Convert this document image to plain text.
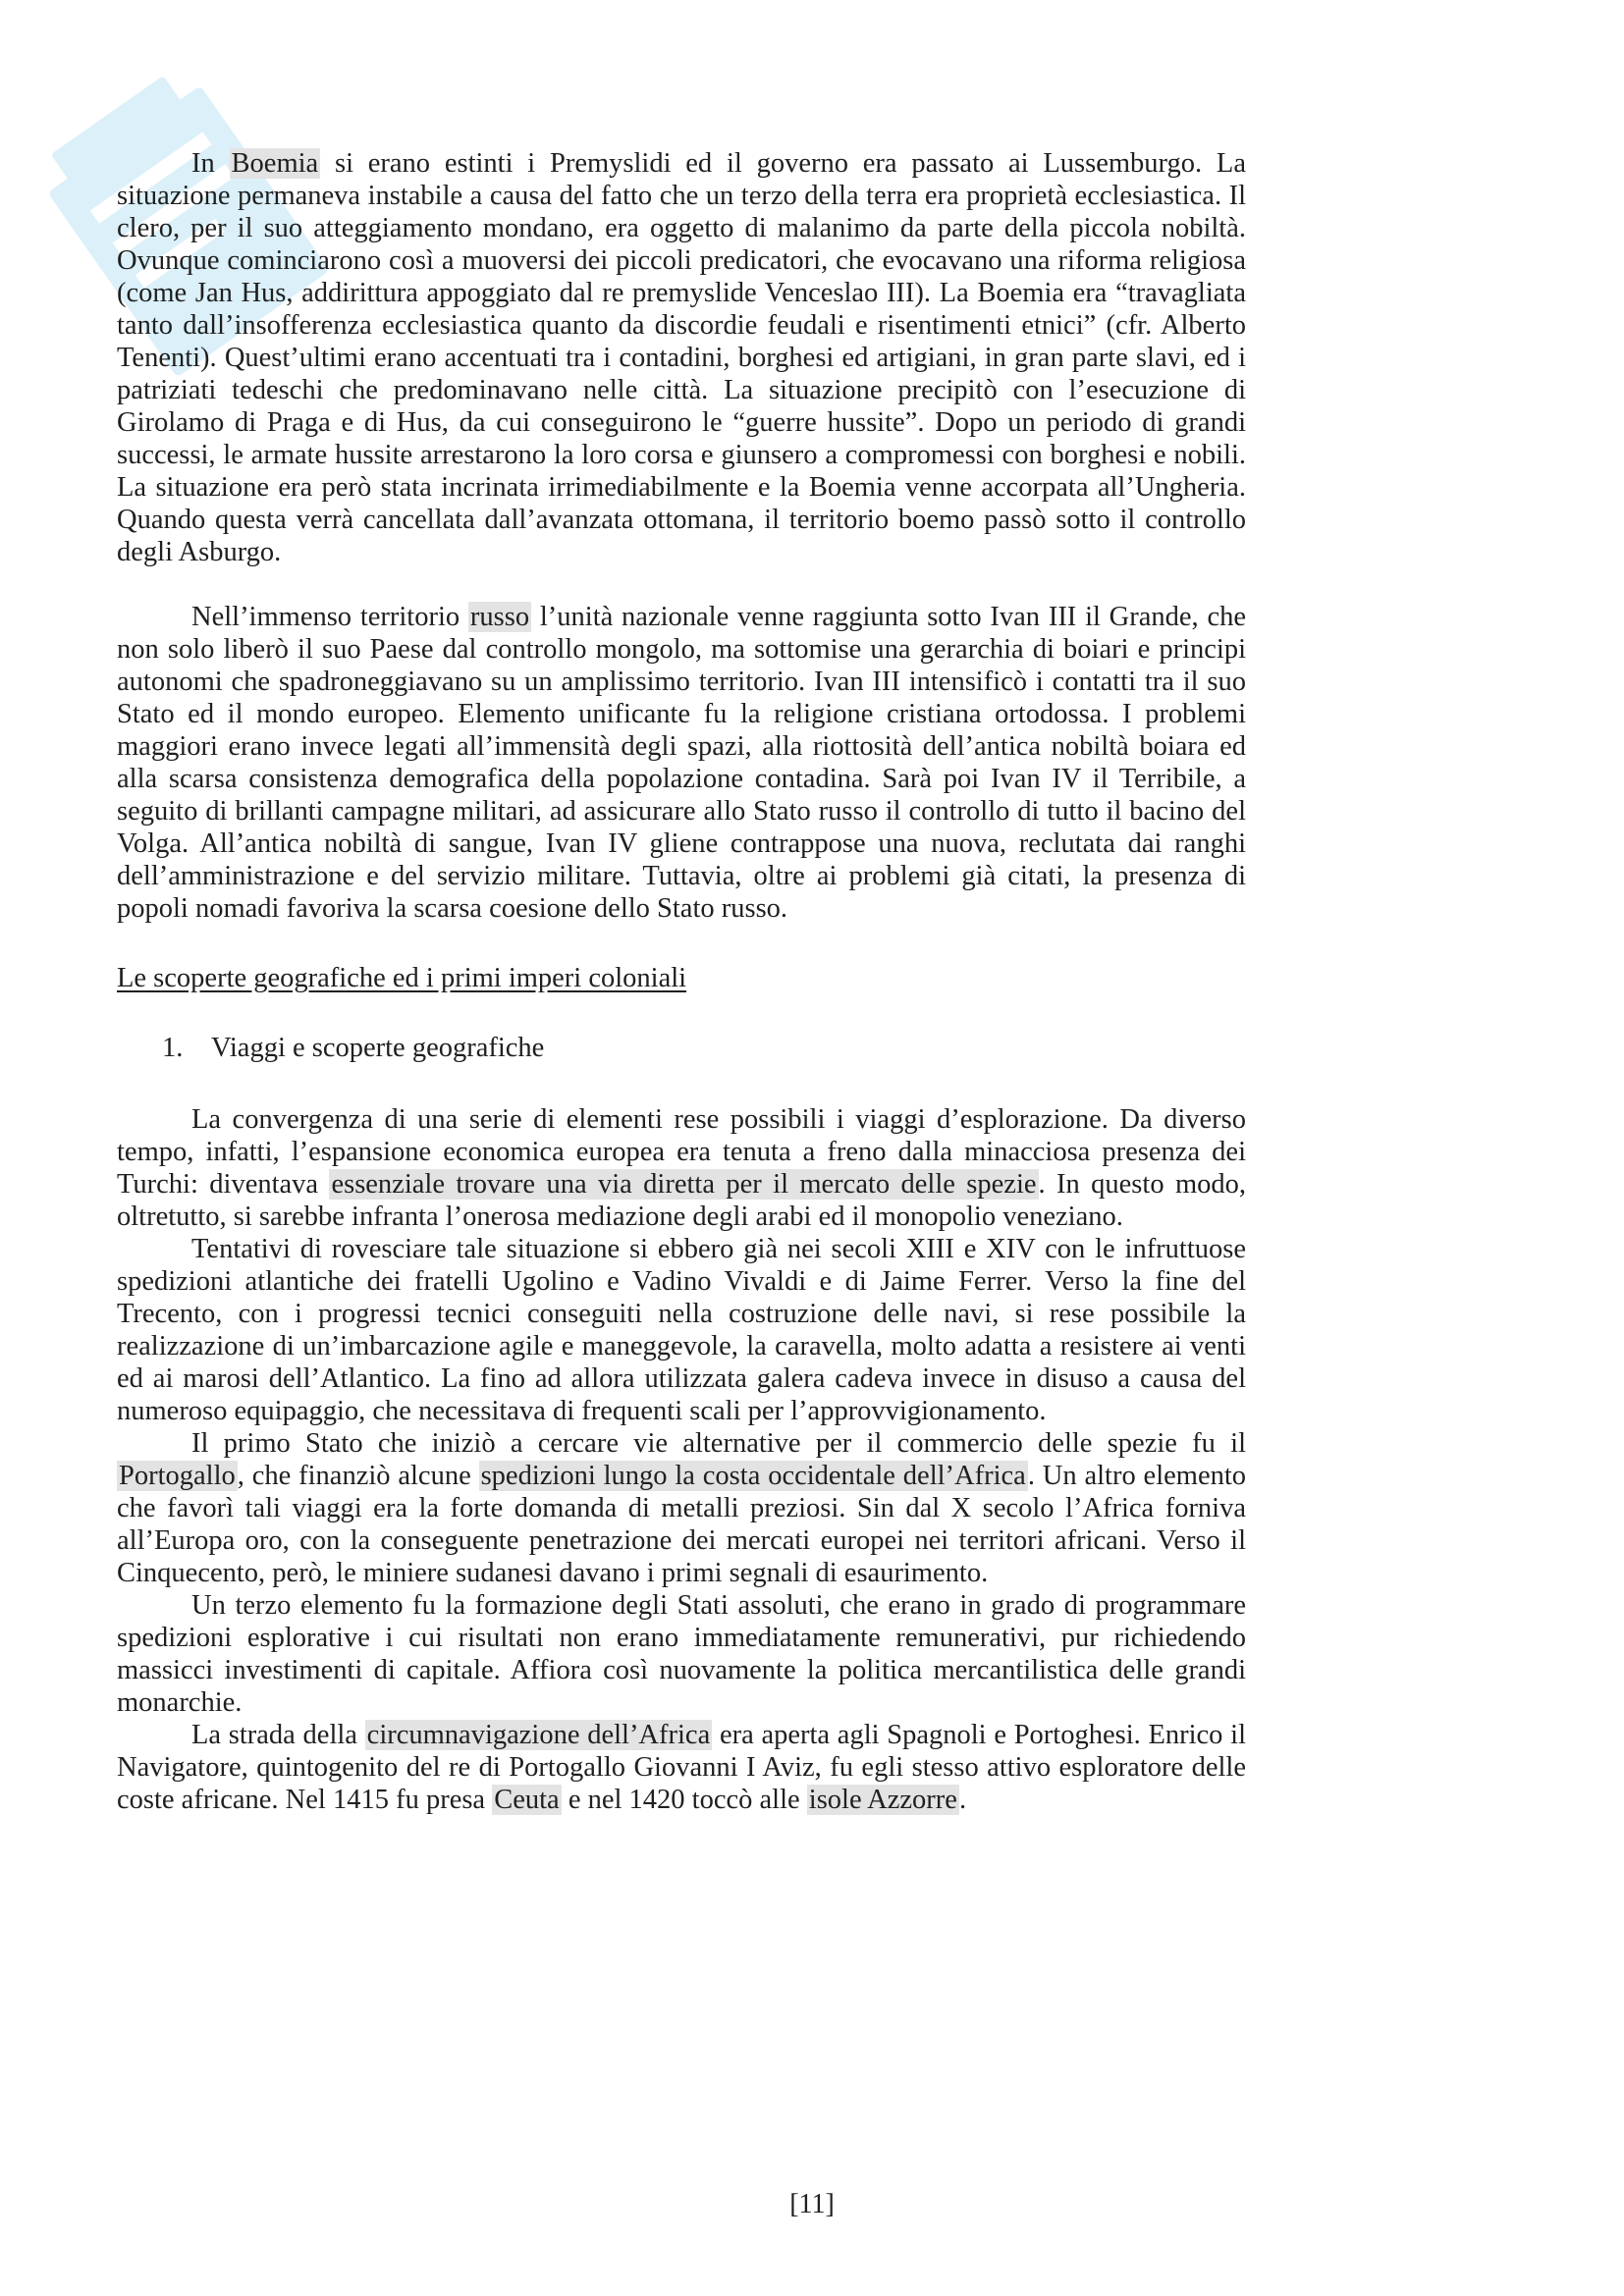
In Boemia si erano estinti i Premyslidi ed il governo era passato ai Lussemburgo. La situazione permaneva instabile a causa del fatto che un terzo della terra era proprietà ecclesiastica. Il clero, per il suo atteggiamento mondano, era oggetto di malanimo da parte della piccola nobiltà. Ovunque cominciarono così a muoversi dei piccoli predicatori, che evocavano una riforma religiosa (come Jan Hus, addirittura appoggiato dal re premyslide Venceslao III). La Boemia era “travagliata tanto dall’insofferenza ecclesiastica quanto da discordie feudali e risentimenti etnici” (cfr. Alberto Tenenti). Quest’ultimi erano accentuati tra i contadini, borghesi ed artigiani, in gran parte slavi, ed i patriziati tedeschi che predominavano nelle città. La situazione precipitò con l’esecuzione di Girolamo di Praga e di Hus, da cui conseguirono le “guerre hussite”. Dopo un periodo di grandi successi, le armate hussite arrestarono la loro corsa e giunsero a compromessi con borghesi e nobili. La situazione era però stata incrinata irrimediabilmente e la Boemia venne accorpata all’Ungheria. Quando questa verrà cancellata dall’avanzata ottomana, il territorio boemo passò sotto il controllo degli Asburgo.

Nell’immenso territorio russo l’unità nazionale venne raggiunta sotto Ivan III il Grande, che non solo liberò il suo Paese dal controllo mongolo, ma sottomise una gerarchia di boiari e principi autonomi che spadroneggiavano su un amplissimo territorio. Ivan III intensificò i contatti tra il suo Stato ed il mondo europeo. Elemento unificante fu la religione cristiana ortodossa. I problemi maggiori erano invece legati all’immensità degli spazi, alla riottosità dell’antica nobiltà boiara ed alla scarsa consistenza demografica della popolazione contadina. Sarà poi Ivan IV il Terribile, a seguito di brillanti campagne militari, ad assicurare allo Stato russo il controllo di tutto il bacino del Volga. All’antica nobiltà di sangue, Ivan IV gliene contrappose una nuova, reclutata dai ranghi dell’amministrazione e del servizio militare. Tuttavia, oltre ai problemi già citati, la presenza di popoli nomadi favoriva la scarsa coesione dello Stato russo.

Le scoperte geografiche ed i primi imperi coloniali
1. Viaggi e scoperte geografiche

La convergenza di una serie di elementi rese possibili i viaggi d’esplorazione. Da diverso tempo, infatti, l’espansione economica europea era tenuta a freno dalla minacciosa presenza dei Turchi: diventava essenziale trovare una via diretta per il mercato delle spezie. In questo modo, oltretutto, si sarebbe infranta l’onerosa mediazione degli arabi ed il monopolio veneziano.

Tentativi di rovesciare tale situazione si ebbero già nei secoli XIII e XIV con le infruttuose spedizioni atlantiche dei fratelli Ugolino e Vadino Vivaldi e di Jaime Ferrer. Verso la fine del Trecento, con i progressi tecnici conseguiti nella costruzione delle navi, si rese possibile la realizzazione di un’imbarcazione agile e maneggevole, la caravella, molto adatta a resistere ai venti ed ai marosi dell’Atlantico. La fino ad allora utilizzata galera cadeva invece in disuso a causa del numeroso equipaggio, che necessitava di frequenti scali per l’approvvigionamento.

Il primo Stato che iniziò a cercare vie alternative per il commercio delle spezie fu il Portogallo, che finanziò alcune spedizioni lungo la costa occidentale dell’Africa. Un altro elemento che favorì tali viaggi era la forte domanda di metalli preziosi. Sin dal X secolo l’Africa forniva all’Europa oro, con la conseguente penetrazione dei mercati europei nei territori africani. Verso il Cinquecento, però, le miniere sudanesi davano i primi segnali di esaurimento.

Un terzo elemento fu la formazione degli Stati assoluti, che erano in grado di programmare spedizioni esplorative i cui risultati non erano immediatamente remunerativi, pur richiedendo massicci investimenti di capitale. Affiora così nuovamente la politica mercantilistica delle grandi monarchie.

La strada della circumnavigazione dell’Africa era aperta agli Spagnoli e Portoghesi. Enrico il Navigatore, quintogenito del re di Portogallo Giovanni I Aviz, fu egli stesso attivo esploratore delle coste africane. Nel 1415 fu presa Ceuta e nel 1420 toccò alle isole Azzorre.

[11]
